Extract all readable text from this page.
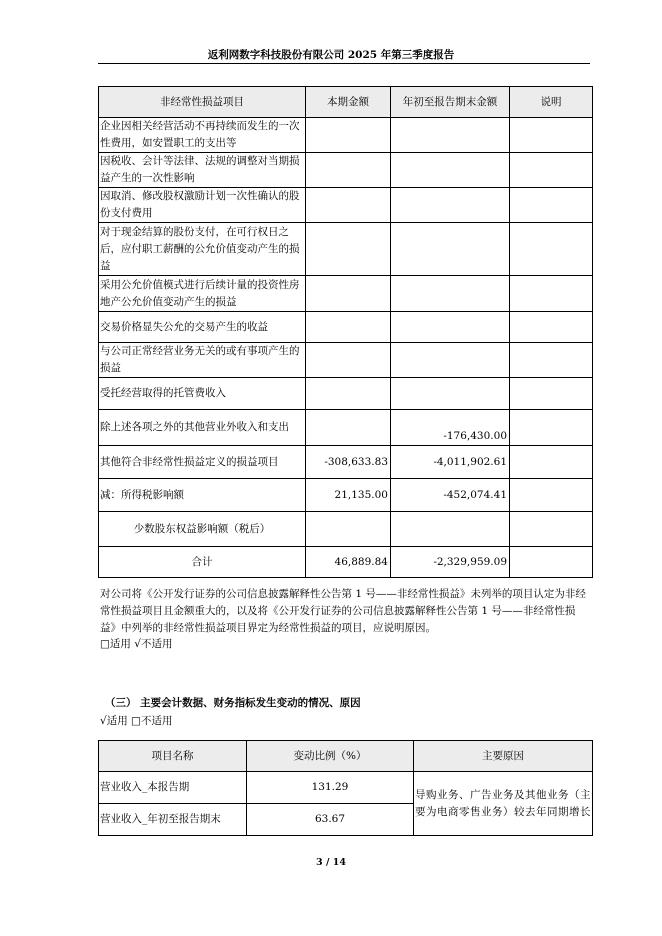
返利网数字科技股份有限公司 2025 年第三季度报告
非经常性损益项目	本期金额	年初至报告期末金额	说明
企业因相关经营活动不再持续而发生的一次性费用，如安置职工的支出等			
因税收、会计等法律、法规的调整对当期损益产生的一次性影响			
因取消、修改股权激励计划一次性确认的股份支付费用			
对于现金结算的股份支付，在可行权日之后，应付职工薪酬的公允价值变动产生的损益			
采用公允价值模式进行后续计量的投资性房地产公允价值变动产生的损益			
交易价格显失公允的交易产生的收益			
与公司正常经营业务无关的或有事项产生的损益			
受托经营取得的托管费收入			
除上述各项之外的其他营业外收入和支出		-176,430.00	
其他符合非经常性损益定义的损益项目	-308,633.83	-4,011,902.61	
减：所得税影响额	21,135.00	-452,074.41	
少数股东权益影响额（税后）			
合计	46,889.84	-2,329,959.09	
对公司将《公开发行证券的公司信息披露解释性公告第 1 号——非经常性损益》未列举的项目认定为非经常性损益项目且金额重大的，以及将《公开发行证券的公司信息披露解释性公告第 1 号——非经常性损益》中列举的非经常性损益项目界定为经常性损益的项目，应说明原因。
□适用 √不适用
（三） 主要会计数据、财务指标发生变动的情况、原因
√适用 □不适用
项目名称	变动比例（%）	主要原因
营业收入_本报告期	131.29	导购业务、广告业务及其他业务（主要为电商零售业务）较去年同期增长
营业收入_年初至报告期末	63.67	
3 / 14
